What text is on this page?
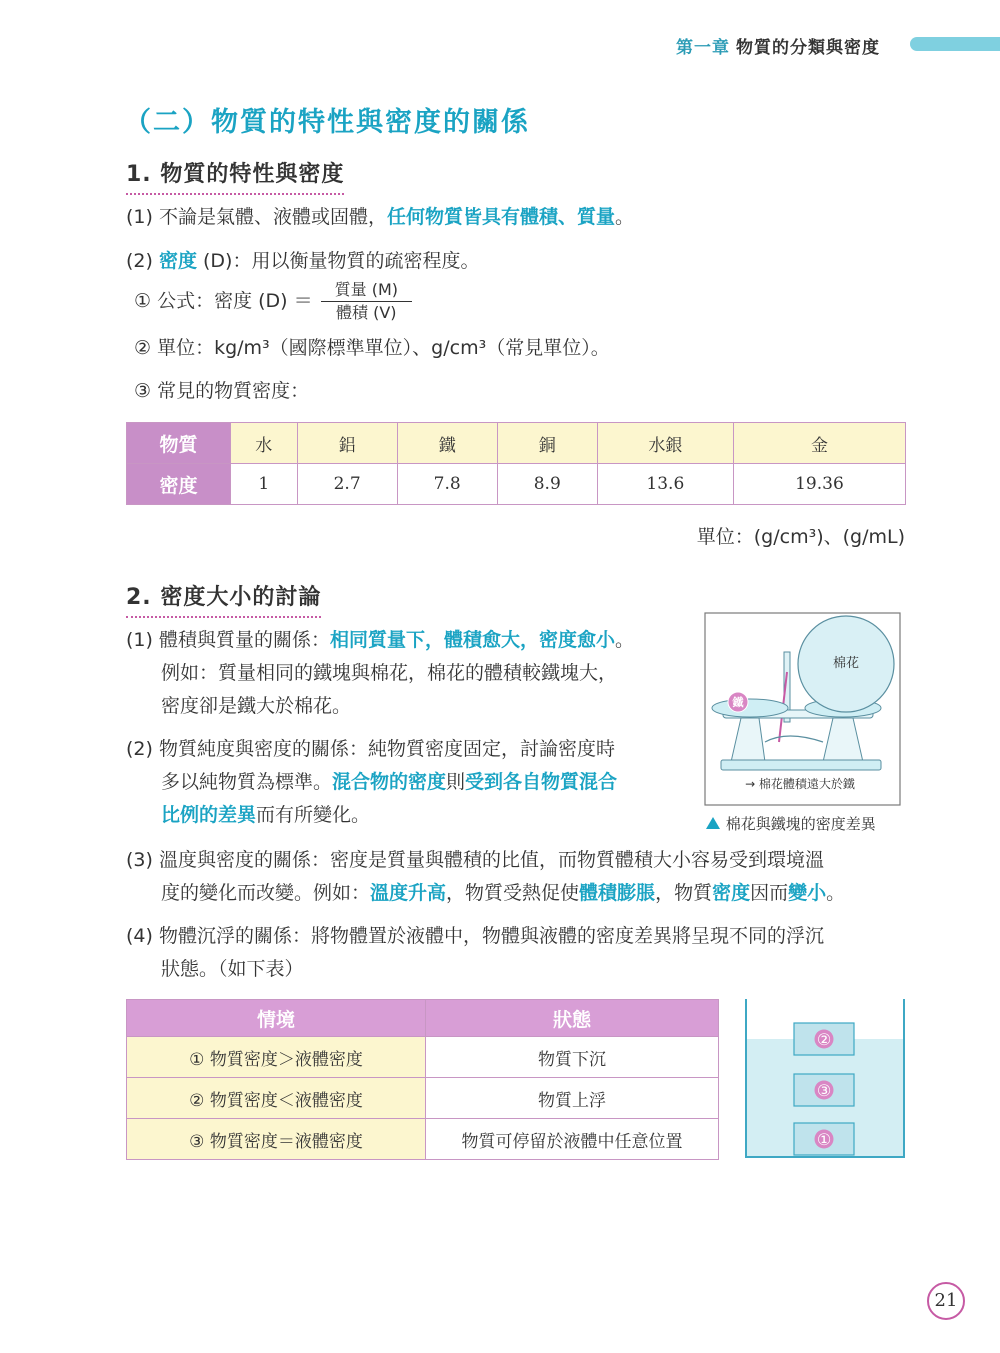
第一章 物質的分類與密度
（二）物質的特性與密度的關係
1. 物質的特性與密度
(1) 不論是氣體、液體或固體，任何物質皆具有體積、質量。
(2) 密度 (D)：用以衡量物質的疏密程度。
① 公式：密度 $(D) = \frac{\text{質量 (M)}}{\text{體積 (V)}}$
② 單位：kg/m³（國際標準單位）、g/cm³（常見單位）。
③ 常見的物質密度：
物質	水	鋁	鐵	銅	水銀	金
密度	1	2.7	7.8	8.9	13.6	19.36
單位：(g/cm³)、(g/mL)
2. 密度大小的討論
(1) 體積與質量的關係：相同質量下，體積愈大，密度愈小。
例如：質量相同的鐵塊與棉花，棉花的體積較鐵塊大，
密度卻是鐵大於棉花。
(2) 物質純度與密度的關係：純物質密度固定，討論密度時
多以純物質為標準。混合物的密度則受到各自物質混合
比例的差異而有所變化。
鐵
棉花
→ 棉花體積遠大於鐵
棉花與鐵塊的密度差異
(3) 溫度與密度的關係：密度是質量與體積的比值，而物質體積大小容易受到環境溫
度的變化而改變。例如：溫度升高，物質受熱促使體積膨脹，物質密度因而變小。
(4) 物體沉浮的關係：將物體置於液體中，物體與液體的密度差異將呈現不同的浮沉
狀態。（如下表）
情境	狀態
① 物質密度＞液體密度	物質下沉
② 物質密度＜液體密度	物質上浮
③ 物質密度＝液體密度	物質可停留於液體中任意位置
②
③
①
21
